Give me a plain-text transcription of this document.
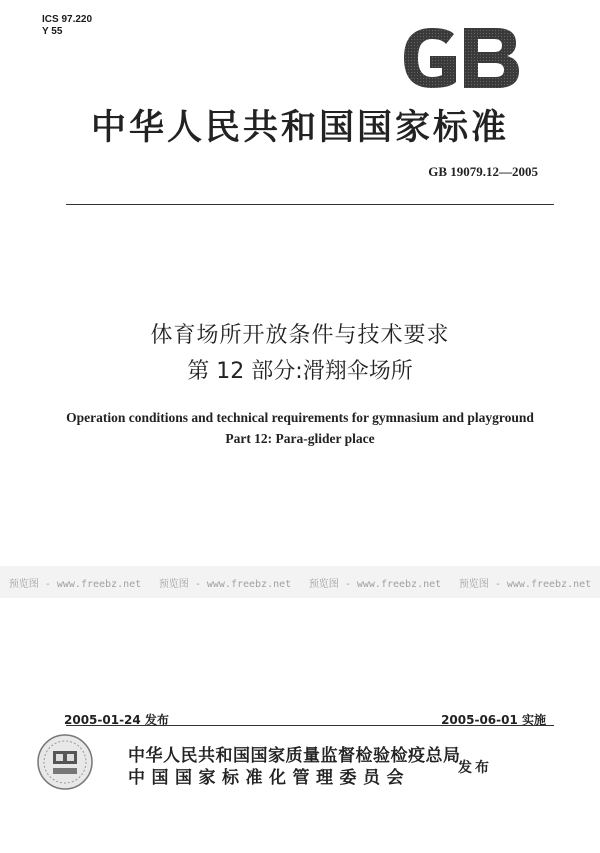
ICS 97.220
Y 55
中华人民共和国国家标准
GB 19079.12—2005
体育场所开放条件与技术要求
第 12 部分:滑翔伞场所
Operation conditions and technical requirements for gymnasium and playground
Part 12: Para-glider place
预览图 - www.freebz.net 预览图 - www.freebz.net 预览图 - www.freebz.net 预览图 - www.freebz.net
2005-01-24 发布	2005-06-01 实施
中华人民共和国国家质量监督检验检疫总局
中国国家标准化管理委员会	发布
